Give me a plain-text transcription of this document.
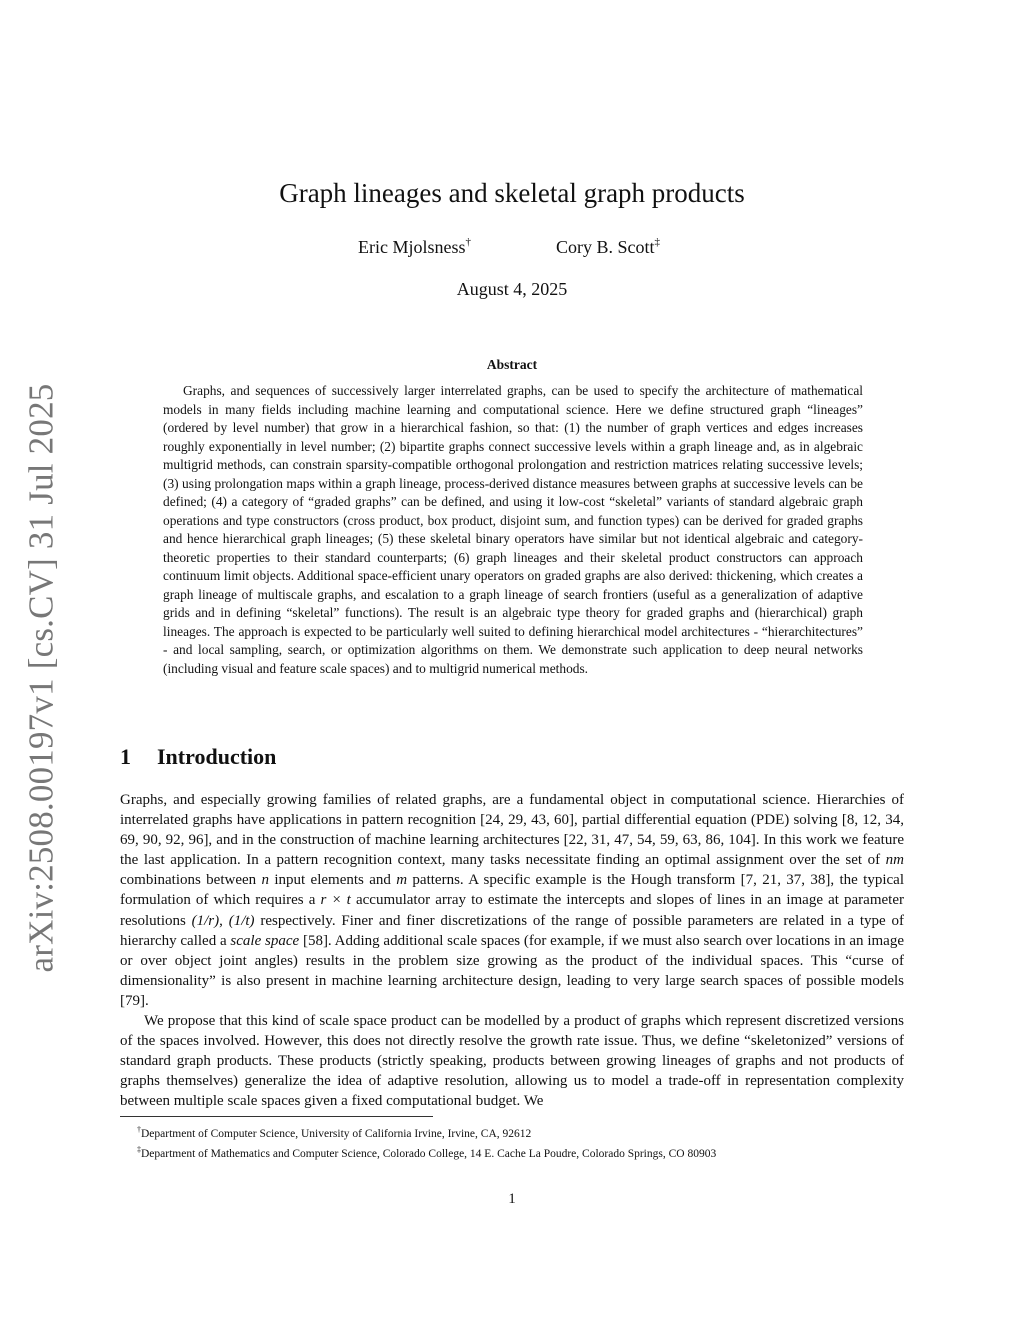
arXiv:2508.00197v1 [cs.CV] 31 Jul 2025
Graph lineages and skeletal graph products
Eric Mjolsness†	Cory B. Scott‡
August 4, 2025
Abstract

Graphs, and sequences of successively larger interrelated graphs, can be used to specify the architecture of mathematical models in many fields including machine learning and computational science. Here we define structured graph “lineages” (ordered by level number) that grow in a hierarchical fashion, so that: (1) the number of graph vertices and edges increases roughly exponentially in level number; (2) bipartite graphs connect successive levels within a graph lineage and, as in algebraic multigrid methods, can constrain sparsity-compatible orthogonal prolongation and restriction matrices relating successive levels; (3) using prolongation maps within a graph lineage, process-derived distance measures between graphs at successive levels can be defined; (4) a category of “graded graphs” can be defined, and using it low-cost “skeletal” variants of standard algebraic graph operations and type constructors (cross product, box product, disjoint sum, and function types) can be derived for graded graphs and hence hierarchical graph lineages; (5) these skeletal binary operators have similar but not identical algebraic and category-theoretic properties to their standard counterparts; (6) graph lineages and their skeletal product constructors can approach continuum limit objects. Additional space-efficient unary operators on graded graphs are also derived: thickening, which creates a graph lineage of multiscale graphs, and escalation to a graph lineage of search frontiers (useful as a generalization of adaptive grids and in defining “skeletal” functions). The result is an algebraic type theory for graded graphs and (hierarchical) graph lineages. The approach is expected to be particularly well suited to defining hierarchical model architectures - “hierarchitectures” - and local sampling, search, or optimization algorithms on them. We demonstrate such application to deep neural networks (including visual and feature scale spaces) and to multigrid numerical methods.

1 Introduction

Graphs, and especially growing families of related graphs, are a fundamental object in computational science. Hierarchies of interrelated graphs have applications in pattern recognition [24, 29, 43, 60], partial differential equation (PDE) solving [8, 12, 34, 69, 90, 92, 96], and in the construction of machine learning architectures [22, 31, 47, 54, 59, 63, 86, 104]. In this work we feature the last application. In a pattern recognition context, many tasks necessitate finding an optimal assignment over the set of nm combinations between n input elements and m patterns. A specific example is the Hough transform [7, 21, 37, 38], the typical formulation of which requires a r × t accumulator array to estimate the intercepts and slopes of lines in an image at parameter resolutions (1/r), (1/t) respectively. Finer and finer discretizations of the range of possible parameters are related in a type of hierarchy called a scale space [58]. Adding additional scale spaces (for example, if we must also search over locations in an image or over object joint angles) results in the problem size growing as the product of the individual spaces. This “curse of dimensionality” is also present in machine learning architecture design, leading to very large search spaces of possible models [79].

We propose that this kind of scale space product can be modelled by a product of graphs which represent discretized versions of the spaces involved. However, this does not directly resolve the growth rate issue. Thus, we define “skeletonized” versions of standard graph products. These products (strictly speaking, products between growing lineages of graphs and not products of graphs themselves) generalize the idea of adaptive resolution, allowing us to model a trade-off in representation complexity between multiple scale spaces given a fixed computational budget. We

†Department of Computer Science, University of California Irvine, Irvine, CA, 92612
‡Department of Mathematics and Computer Science, Colorado College, 14 E. Cache La Poudre, Colorado Springs, CO 80903
1
